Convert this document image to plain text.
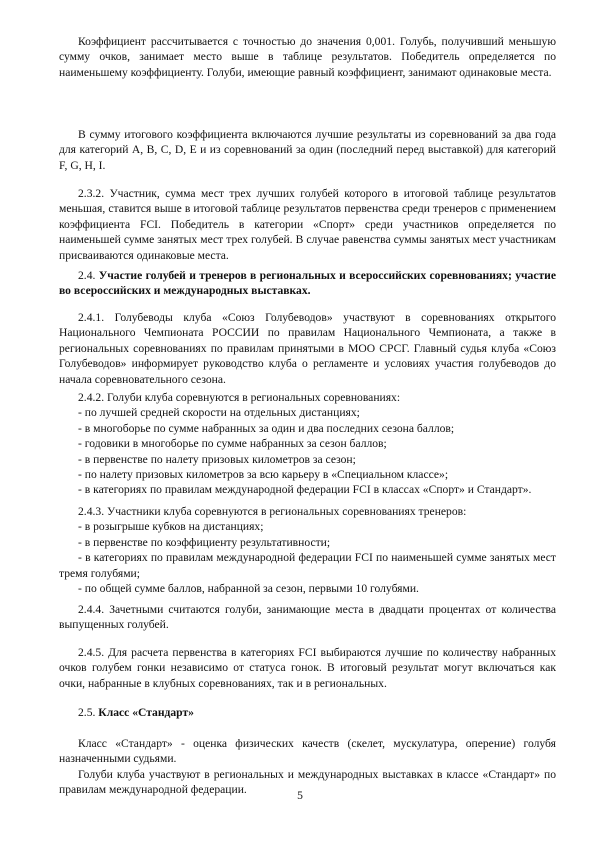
Коэффициент рассчитывается с точностью до значения 0,001. Голубь, получивший меньшую сумму очков, занимает место выше в таблице результатов. Победитель определяется по наименьшему коэффициенту. Голуби, имеющие равный коэффициент, занимают одинаковые места.

В сумму итогового коэффициента включаются лучшие результаты из соревнований за два года для категорий A, B, C, D, E и из соревнований за один (последний перед выставкой) для категорий F, G, H, I.

2.3.2. Участник, сумма мест трех лучших голубей которого в итоговой таблице результатов меньшая, ставится выше в итоговой таблице результатов первенства среди тренеров с применением коэффициента FCI. Победитель в категории «Спорт» среди участников определяется по наименьшей сумме занятых мест трех голубей. В случае равенства суммы занятых мест участникам присваиваются одинаковые места.

2.4. Участие голубей и тренеров в региональных и всероссийских соревнованиях; участие во всероссийских и международных выставках.

2.4.1. Голубеводы клуба «Союз Голубеводов» участвуют в соревнованиях открытого Национального Чемпионата РОССИИ по правилам Национального Чемпионата, а также в региональных соревнованиях по правилам принятыми в МОО СРСГ. Главный судья клуба «Союз Голубеводов» информирует руководство клуба о регламенте и условиях участия голубеводов до начала соревновательного сезона.

2.4.2. Голуби клуба соревнуются в региональных соревнованиях:
- по лучшей средней скорости на отдельных дистанциях;
- в многоборье по сумме набранных за один и два последних сезона баллов;
- годовики в многоборье по сумме набранных за сезон баллов;
- в первенстве по налету призовых километров за сезон;
- по налету призовых километров за всю карьеру в «Специальном классе»;
- в категориях по правилам международной федерации FCI в классах «Спорт» и Стандарт».
2.4.3. Участники клуба соревнуются в региональных соревнованиях тренеров:
- в розыгрыше кубков на дистанциях;
- в первенстве по коэффициенту результативности;
- в категориях по правилам международной федерации FCI по наименьшей сумме занятых мест тремя голубями;
- по общей сумме баллов, набранной за сезон, первыми 10 голубями.

2.4.4. Зачетными считаются голуби, занимающие места в двадцати процентах от количества выпущенных голубей.

2.4.5. Для расчета первенства в категориях FCI выбираются лучшие по количеству набранных очков голубем гонки независимо от статуса гонок. В итоговый результат могут включаться как очки, набранные в клубных соревнованиях, так и в региональных.

2.5. Класс «Стандарт»

Класс «Стандарт» - оценка физических качеств (скелет, мускулатура, оперение) голубя назначенными судьями.

Голуби клуба участвуют в региональных и международных выставках в классе «Стандарт» по правилам международной федерации.	5
